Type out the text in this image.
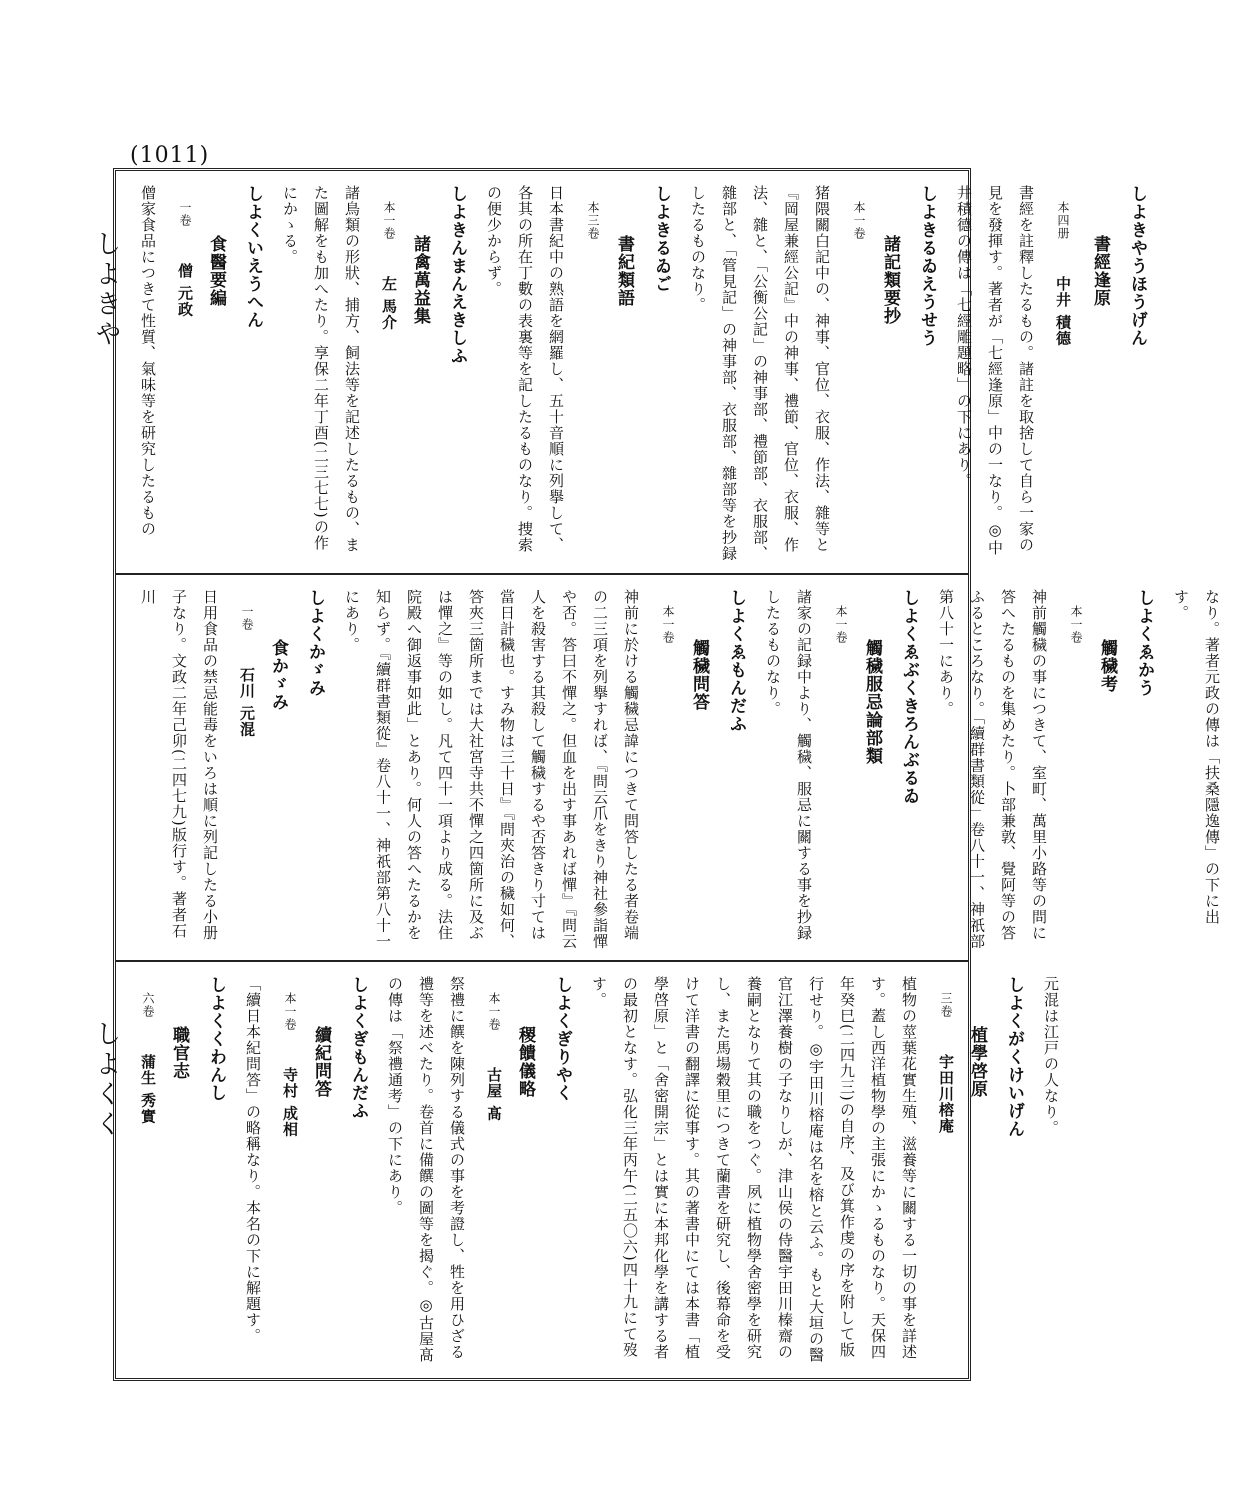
(1011)
しよきや
しよくく
しよきやうほうげん
書經逢原
本四册 中井 積德
書經を註釋したるもの。諸註を取捨して自ら一家の見を發揮す。著者が「七經逢原」中の一なり。◎中井積德の傳は「七經雕題略」の下にあり。
しよきるゐえうせう
諸記類要抄
本一卷
猪隈關白記中の、神事、官位、衣服、作法、雜等と『岡屋兼經公記』中の神事、禮節、官位、衣服、作法、雜と、「公衡公記」の神事部、禮節部、衣服部、雜部と、「管見記」の神事部、衣服部、雜部等を抄録したるものなり。
しよきるゐご
書紀類語
本三卷
日本書紀中の熟語を網羅し、五十音順に列擧して、各其の所在丁數の表裏等を記したるものなり。捜索の便少からず。
しよきんまんえきしふ
諸禽萬益集
本一卷 左 馬介
諸鳥類の形狀、捕方、飼法等を記述したるもの、また圖解をも加へたり。享保二年丁酉(二三七七)の作にかゝる。
しよくいえうへん
食醫要編
一卷 僧 元政
僧家食品につきて性質、氣味等を研究したるもの
なり。著者元政の傳は「扶桑隱逸傳」の下に出す。
しよくゑかう
觸穢考
本一卷
神前觸穢の事につきて、室町、萬里小路等の問に答へたるものを集めたり。卜部兼敦、覺阿等の答ふるところなり。「續群書類從」卷八十一、神祇部第八十一にあり。
しよくゑぶくきろんぶるゐ
觸穢服忌論部類
本一卷
諸家の記録中より、觸穢、服忌に關する事を抄録したるものなり。
しよくゑもんだふ
觸穢問答
本一卷
神前に於ける觸穢忌諱につきて問答したる者卷端の二三項を列擧すれば、『問云爪をきり神社參詣憚や否。答曰不憚之。但血を出す事あれば憚』『問云人を殺害する其殺して觸穢するや否答きり寸ては當日計穢也。すみ物は三十日』『問夾治の穢如何、答夾三箇所までは大社宮寺共不憚之四箇所に及ぶは憚之』等の如し。凡て四十一項より成る。法住院殿へ御返事如此」とあり。何人の答へたるかを知らず。『續群書類從』卷八十一、神祇部第八十一にあり。
しよくかゞみ
食かゞみ
一卷 石川 元混
日用食品の禁忌能毒をいろは順に列記したる小册子なり。文政二年己卯(二四七九)版行す。著者石川
元混は江戸の人なり。
しよくがくけいげん
植學啓原
三卷 宇田川榕庵
植物の莖葉花實生殖、滋養等に關する一切の事を詳述す。蓋し西洋植物學の主張にかゝるものなり。天保四年癸巳(二四九三)の自序、及び箕作虔の序を附して版行せり。◎宇田川榕庵は名を榕と云ふ。もと大垣の醫官江澤養樹の子なりしが、津山侯の侍醫宇田川榛齋の養嗣となりて其の職をつぐ。夙に植物學舍密學を研究し、また馬場穀里につきて蘭書を研究し、後幕命を受けて洋書の翻譯に從事す。其の著書中にては本書「植學啓原」と「舍密開宗」とは實に本邦化學を講する者の最初となす。弘化三年丙午(二五〇六)四十九にて歿す。
しよくぎりやく
稷饋儀略
本一卷 古屋 髙
祭禮に饌を陳列する儀式の事を考證し、牲を用ひざる禮等を述べたり。卷首に備饌の圖等を揭ぐ。◎古屋髙の傳は「祭禮通考」の下にあり。
しよくぎもんだふ
續紀問答
本一卷 寺村 成相
「續日本紀問答」の略稱なり。本名の下に解題す。
しよくくわんし
職官志
六卷 蒲生 秀實
